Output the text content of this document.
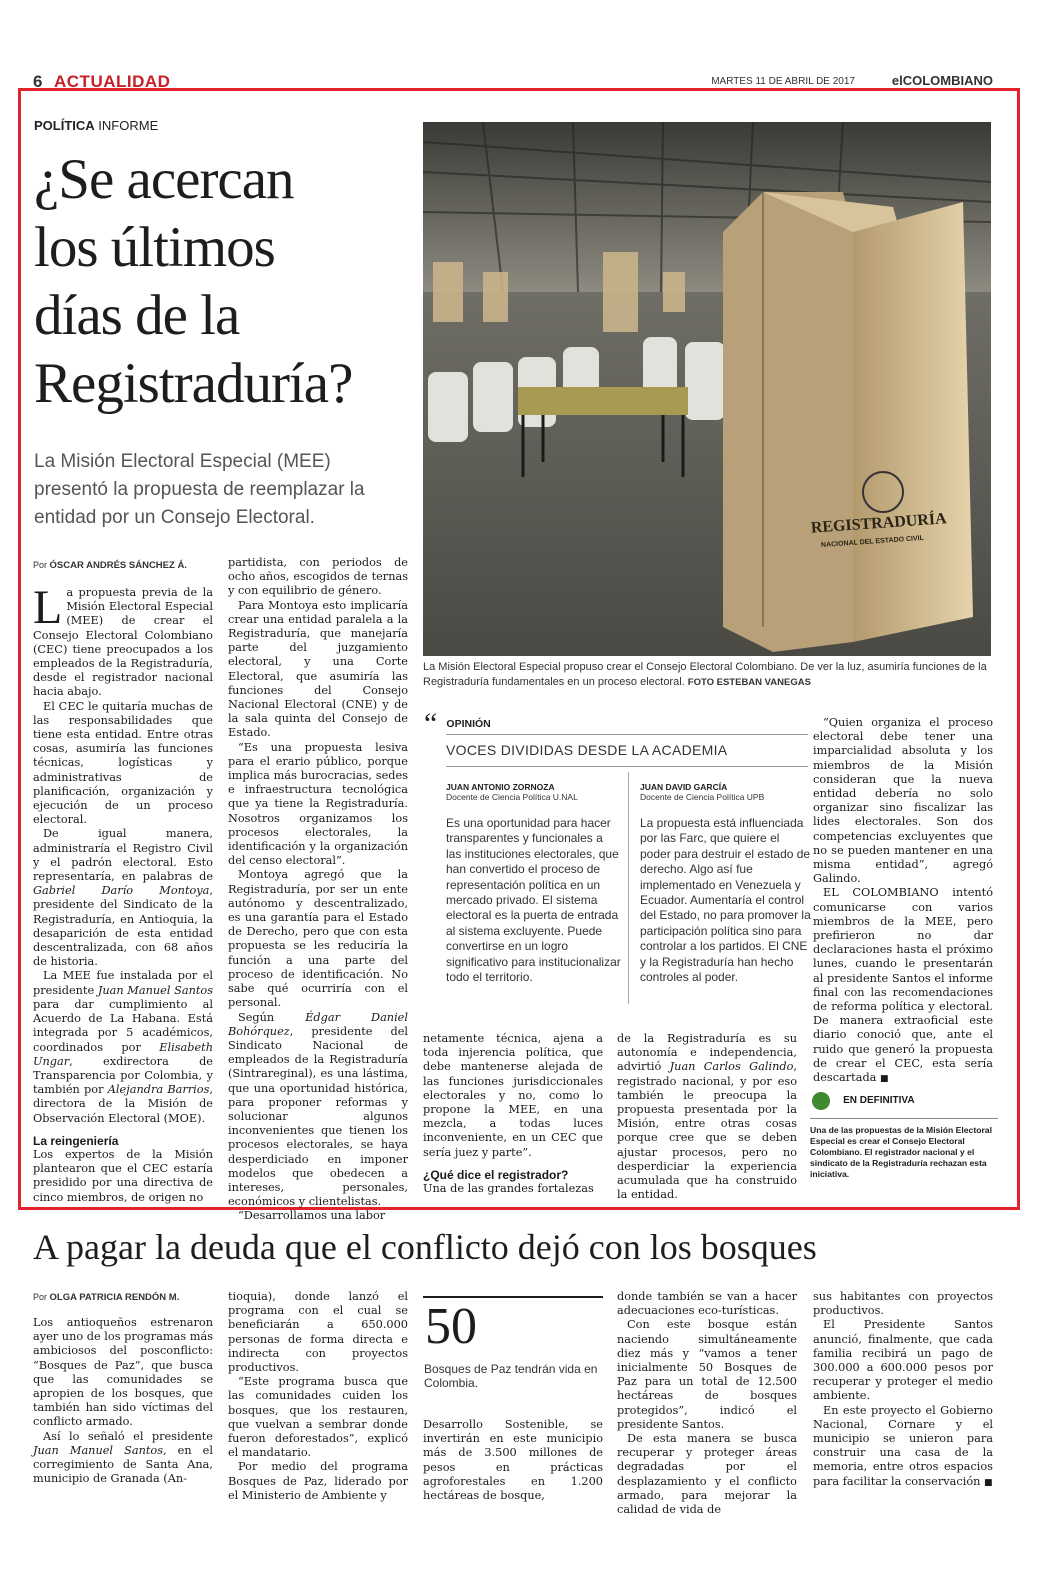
6 ACTUALIDAD	MARTES 11 DE ABRIL DE 2017	elCOLOMBIANO
POLÍTICA INFORME
¿Se acercan
los últimos
días de la
Registraduría?
La Misión Electoral Especial (MEE) presentó la propuesta de reemplazar la entidad por un Consejo Electoral.	REGISTRADURÍA
NACIONAL DEL ESTADO CIVIL
La Misión Electoral Especial propuso crear el Consejo Electoral Colombiano. De ver la luz, asumiría funciones de la Registraduría fundamentales en un proceso electoral. FOTO ESTEBAN VANEGAS
Por ÓSCAR ANDRÉS SÁNCHEZ Á.

La propuesta previa de la Misión Electoral Especial (MEE) de crear el Consejo Electoral Colombiano (CEC) tiene preocupados a los empleados de la Registraduría, desde el registrador nacional hacia abajo.

El CEC le quitaría muchas de las responsabilidades que tiene esta entidad. Entre otras cosas, asumiría las funciones técnicas, logísticas y administrativas de planificación, organización y ejecución de un proceso electoral.

De igual manera, administraría el Registro Civil y el padrón electoral. Esto representaría, en palabras de Gabriel Darío Montoya, presidente del Sindicato de la Registraduría, en Antioquia, la desaparición de esta entidad descentralizada, con 68 años de historia.

La MEE fue instalada por el presidente Juan Manuel Santos para dar cumplimiento al Acuerdo de La Habana. Está integrada por 5 académicos, coordinados por Elisabeth Ungar, exdirectora de Transparencia por Colombia, y también por Alejandra Barrios, directora de la Misión de Observación Electoral (MOE).

La reingeniería

Los expertos de la Misión plantearon que el CEC estaría presidido por una directiva de cinco miembros, de origen no

partidista, con periodos de ocho años, escogidos de ternas y con equilibrio de género.

Para Montoya esto implicaría crear una entidad paralela a la Registraduría, que manejaría parte del juzgamiento electoral, y una Corte Electoral, que asumiría las funciones del Consejo Nacional Electoral (CNE) y de la sala quinta del Consejo de Estado.

“Es una propuesta lesiva para el erario público, porque implica más burocracias, sedes e infraestructura tecnológica que ya tiene la Registraduría. Nosotros organizamos los procesos electorales, la identificación y la organización del censo electoral”.

Montoya agregó que la Registraduría, por ser un ente autónomo y descentralizado, es una garantía para el Estado de Derecho, pero que con esta propuesta se les reduciría la función a una parte del proceso de identificación. No sabe qué ocurriría con el personal.

Según Édgar Daniel Bohórquez, presidente del Sindicato Nacional de empleados de la Registraduría (Sintrareginal), es una lástima, que una oportunidad histórica, para proponer reformas y solucionar algunos inconvenientes que tienen los procesos electorales, se haya desperdiciado en imponer modelos que obedecen a intereses, personales, económicos y clientelistas.

“Desarrollamos una labor

“ $^{OPINIÓN}$
VOCES DIVIDIDAS DESDE LA ACADEMIA
JUAN ANTONIO ZORNOZA
Docente de Ciencia Política U.NAL
Es una oportunidad para hacer transparentes y funcionales a las instituciones electorales, que han convertido el proceso de representación política en un mercado privado. El sistema electoral es la puerta de entrada al sistema excluyente. Puede convertirse en un logro significativo para institucionalizar todo el territorio.
JUAN DAVID GARCÍA
Docente de Ciencia Política UPB
La propuesta está influenciada por las Farc, que quiere el poder para destruir el estado de derecho. Algo así fue implementado en Venezuela y Ecuador. Aumentaría el control del Estado, no para promover la participación política sino para controlar a los partidos. El CNE y la Registraduría han hecho controles al poder.

netamente técnica, ajena a toda injerencia política, que debe mantenerse alejada de las funciones jurisdiccionales electorales y no, como lo propone la MEE, en una mezcla, a todas luces inconveniente, en un CEC que sería juez y parte”.

¿Qué dice el registrador?

Una de las grandes fortalezas

de la Registraduría es su autonomía e independencia, advirtió Juan Carlos Galindo, registrado nacional, y por eso también le preocupa la propuesta presentada por la Misión, entre otras cosas porque cree que se deben ajustar procesos, pero no desperdiciar la experiencia acumulada que ha construido la entidad.

“Quien organiza el proceso electoral debe tener una imparcialidad absoluta y los miembros de la Misión consideran que la nueva entidad debería no solo organizar sino fiscalizar las lides electorales. Son dos competencias excluyentes que no se pueden mantener en una misma entidad”, agregó Galindo.

EL COLOMBIANO intentó comunicarse con varios miembros de la MEE, pero prefirieron no dar declaraciones hasta el próximo lunes, cuando le presentarán al presidente Santos el informe final con las recomendaciones de reforma política y electoral. De manera extraoficial este diario conoció que, ante el ruido que generó la propuesta de crear el CEC, esta sería descartada ■

EN DEFINITIVA
Una de las propuestas de la Misión Electoral Especial es crear el Consejo Electoral Colombiano. El registrador nacional y el sindicato de la Registraduría rechazan esta iniciativa.
A pagar la deuda que el conflicto dejó con los bosques
Por OLGA PATRICIA RENDÓN M.

Los antioqueños estrenaron ayer uno de los programas más ambiciosos del posconflicto: “Bosques de Paz”, que busca que las comunidades se apropien de los bosques, que también han sido víctimas del conflicto armado.

Así lo señaló el presidente Juan Manuel Santos, en el corregimiento de Santa Ana, municipio de Granada (An-

tioquia), donde lanzó el programa con el cual se beneficiarán a 650.000 personas de forma directa e indirecta con proyectos productivos.

“Este programa busca que las comunidades cuiden los bosques, que los restauren, que vuelvan a sembrar donde fueron deforestados”, explicó el mandatario.

Por medio del programa Bosques de Paz, liderado por el Ministerio de Ambiente y

50
Bosques de Paz tendrán vida en Colombia.

Desarrollo Sostenible, se invertirán en este municipio más de 3.500 millones de pesos en prácticas agroforestales en 1.200 hectáreas de bosque,

donde también se van a hacer adecuaciones eco-turísticas.

Con este bosque están naciendo simultáneamente diez más y “vamos a tener inicialmente 50 Bosques de Paz para un total de 12.500 hectáreas de bosques protegidos”, indicó el presidente Santos.

De esta manera se busca recuperar y proteger áreas degradadas por el desplazamiento y el conflicto armado, para mejorar la calidad de vida de

sus habitantes con proyectos productivos.

El Presidente Santos anunció, finalmente, que cada familia recibirá un pago de 300.000 a 600.000 pesos por recuperar y proteger el medio ambiente.

En este proyecto el Gobierno Nacional, Cornare y el municipio se unieron para construir una casa de la memoria, entre otros espacios para facilitar la conservación ■
